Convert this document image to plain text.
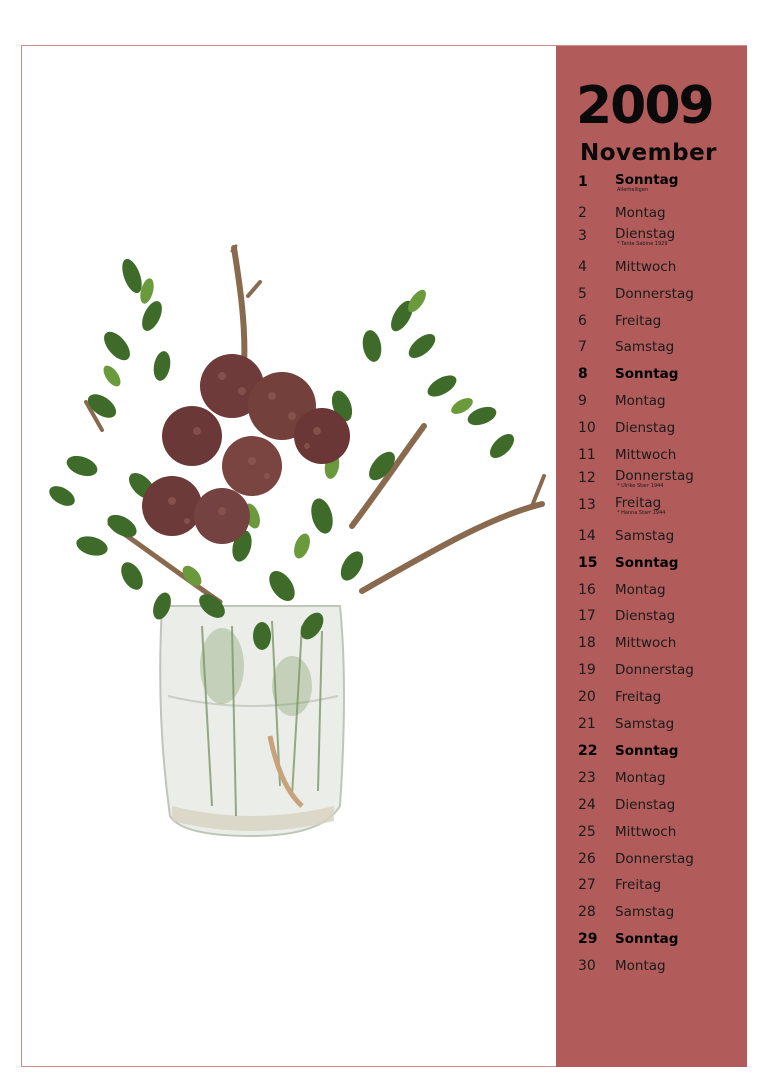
2009
November
1 Sonntag
Allerheiligen
2 Montag
3 Dienstag
* Tante Sabine 1929
4 Mittwoch
5 Donnerstag
6 Freitag
7 Samstag
8 Sonntag
9 Montag
10 Dienstag
11 Mittwoch
12 Donnerstag
* Ulrike Starr 1944
13 Freitag
* Hanna Starr 1944
14 Samstag
15 Sonntag
16 Montag
17 Dienstag
18 Mittwoch
19 Donnerstag
20 Freitag
21 Samstag
22 Sonntag
23 Montag
24 Dienstag
25 Mittwoch
26 Donnerstag
27 Freitag
28 Samstag
29 Sonntag
30 Montag
